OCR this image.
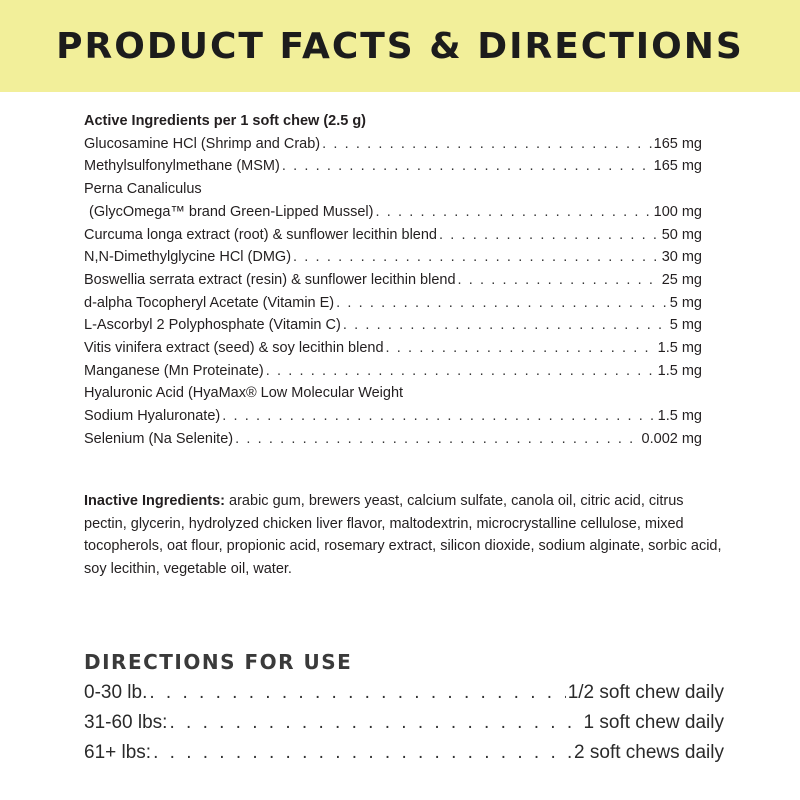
PRODUCT FACTS & DIRECTIONS
Active Ingredients per 1 soft chew (2.5 g)
Glucosamine HCl (Shrimp and Crab) . . .	165 mg
Methylsulfonylmethane (MSM) . . .	165 mg
Perna Canaliculus
(GlycOmega™ brand Green-Lipped Mussel) . . .	100 mg
Curcuma longa extract (root) & sunflower lecithin blend . . .	50 mg
N,N-Dimethylglycine HCl (DMG) . . .	30 mg
Boswellia serrata extract (resin) & sunflower lecithin blend . . .	25 mg
d-alpha Tocopheryl Acetate (Vitamin E) . . .	5 mg
L-Ascorbyl 2 Polyphosphate (Vitamin C) . . .	5 mg
Vitis vinifera extract (seed) & soy lecithin blend . . .	1.5 mg
Manganese (Mn Proteinate) . . .	1.5 mg
Hyaluronic Acid (HyaMax® Low Molecular Weight
Sodium Hyaluronate) . . .	1.5 mg
Selenium (Na Selenite) . . .	0.002 mg
Inactive Ingredients: arabic gum, brewers yeast, calcium sulfate, canola oil, citric acid, citrus pectin, glycerin, hydrolyzed chicken liver flavor, maltodextrin, microcrystalline cellulose, mixed tocopherols, oat flour, propionic acid, rosemary extract, silicon dioxide, sodium alginate, sorbic acid, soy lecithin, vegetable oil, water.
DIRECTIONS FOR USE
0-30 lb. . . .	1/2 soft chew daily
31-60 lbs: . . .	1 soft chew daily
61+ lbs: . . .	2 soft chews daily
